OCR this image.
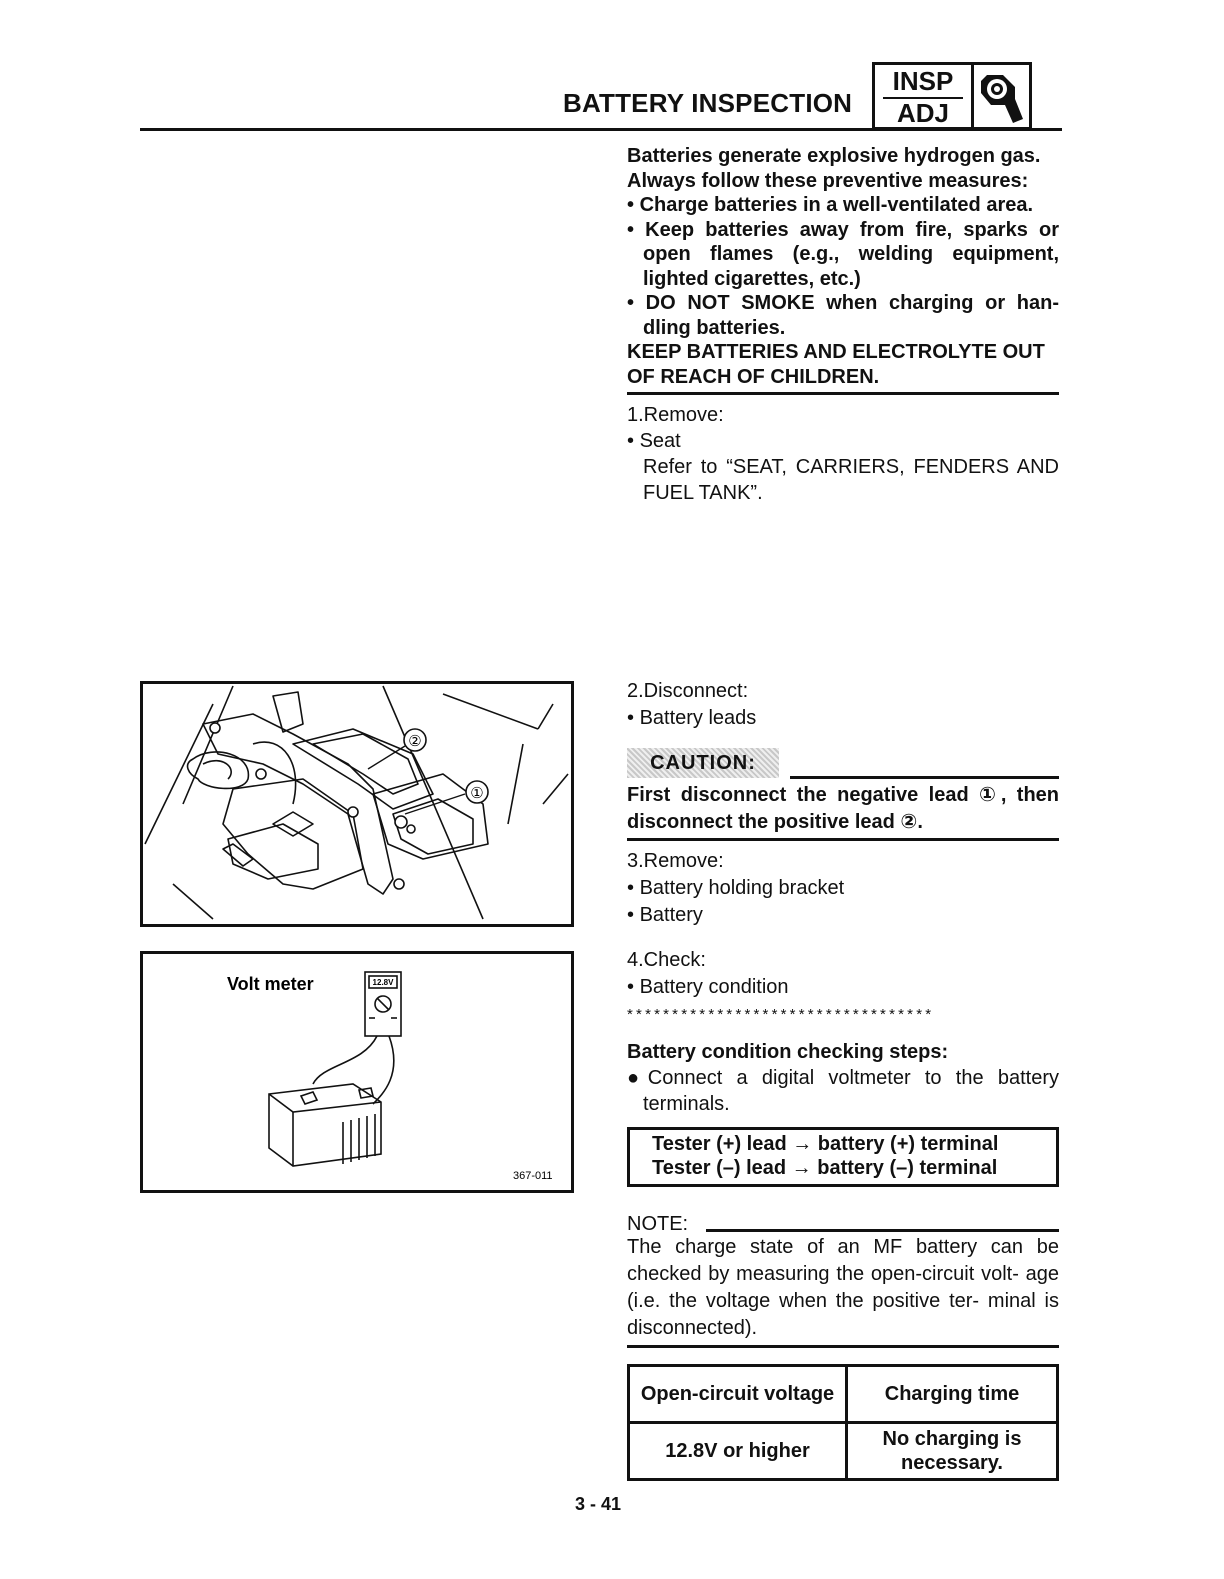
BATTERY INSPECTION
INSP
ADJ
Batteries generate explosive hydrogen gas.
Always follow these preventive measures:
• Charge batteries in a well-ventilated area.
• Keep batteries away from fire, sparks or open flames (e.g., welding equipment, lighted cigarettes, etc.)
• DO NOT SMOKE when charging or han- dling batteries.
KEEP BATTERIES AND ELECTROLYTE OUT OF REACH OF CHILDREN.
1.Remove:
• Seat
Refer to “SEAT, CARRIERS, FENDERS AND FUEL TANK”.
①
②
Volt meter	12.8V
367-011
2.Disconnect:
• Battery leads
CAUTION:
First disconnect the negative lead ①, then disconnect the positive lead ②.
3.Remove:
• Battery holding bracket
• Battery
4.Check:
• Battery condition
**********************************
Battery condition checking steps:
●Connect a digital voltmeter to the battery terminals.
Tester (+) lead → battery (+) terminal
Tester (–) lead → battery (–) terminal
NOTE:
The charge state of an MF battery can be checked by measuring the open-circuit volt- age (i.e. the voltage when the positive ter- minal is disconnected).
Open-circuit voltage	Charging time
12.8V or higher	No charging is necessary.
3 - 41
